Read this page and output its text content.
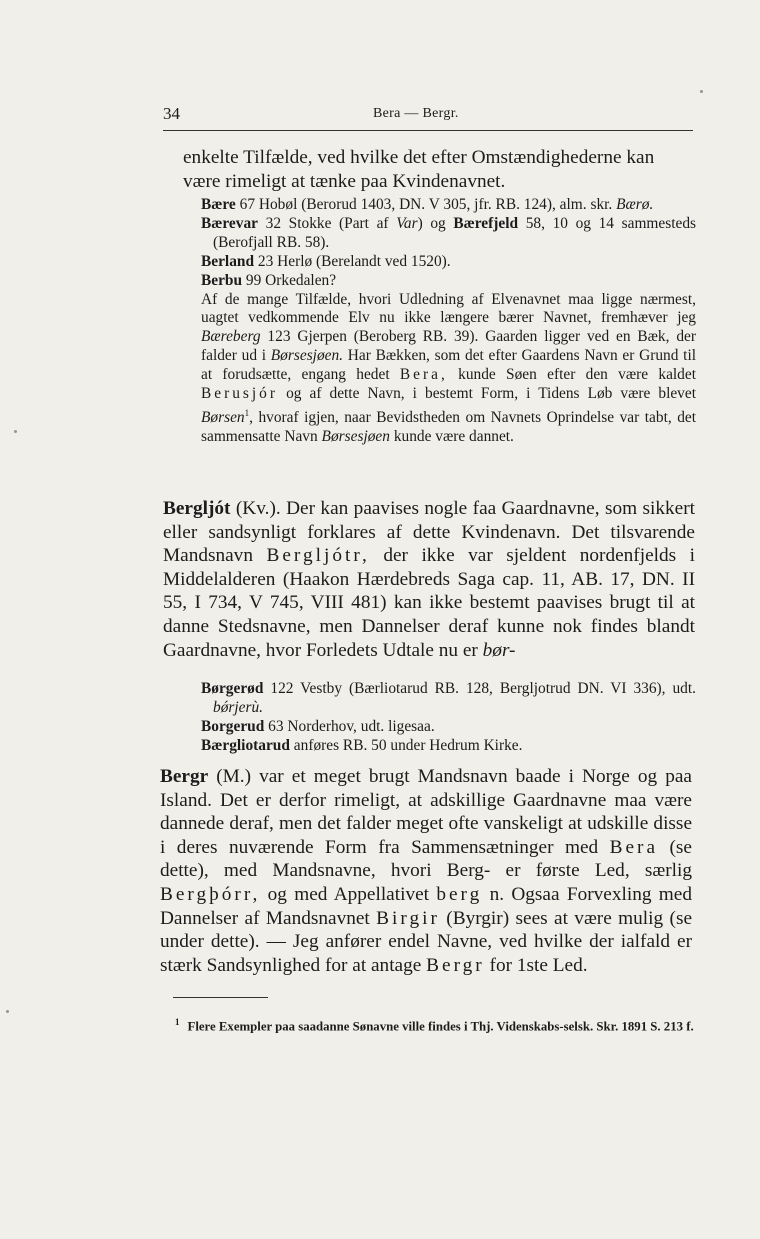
34	Bera — Bergr.

enkelte Tilfælde, ved hvilke det efter Omstændighederne kan

være rimeligt at tænke paa Kvindenavnet.

Bære 67 Hobøl (Berorud 1403, DN. V 305, jfr. RB. 124), alm. skr. Bærø.

Bærevar 32 Stokke (Part af Var) og Bærefjeld 58, 10 og 14 sammesteds (Berofjall RB. 58).

Berland 23 Herlø (Berelandt ved 1520).

Berbu 99 Orkedalen?

Af de mange Tilfælde, hvori Udledning af Elvenavnet maa ligge nærmest, uagtet vedkommende Elv nu ikke længere bærer Navnet, fremhæver jeg Bæreberg 123 Gjerpen (Beroberg RB. 39). Gaarden ligger ved en Bæk, der falder ud i Børsesjøen. Har Bækken, som det efter Gaardens Navn er Grund til at forudsætte, engang hedet Bera, kunde Søen efter den være kaldet Berusjór og af dette Navn, i bestemt Form, i Tidens Løb være blevet Børsen$^1$, hvoraf igjen, naar Bevidstheden om Navnets Oprindelse var tabt, det sammensatte Navn Børsesjøen kunde være dannet.

Bergljót (Kv.). Der kan paavises nogle faa Gaardnavne, som sikkert eller sandsynligt forklares af dette Kvindenavn. Det tilsvarende Mandsnavn Bergljótr, der ikke var sjeldent nordenfjelds i Middelalderen (Haakon Hærdebreds Saga cap. 11, AB. 17, DN. II 55, I 734, V 745, VIII 481) kan ikke bestemt paavises brugt til at danne Stedsnavne, men Dannelser deraf kunne nok findes blandt Gaardnavne, hvor Forledets Udtale nu er bør-

Børgerød 122 Vestby (Bærliotarud RB. 128, Bergljotrud DN. VI 336), udt. bǿrjerù.

Borgerud 63 Norderhov, udt. ligesaa.

Bærgliotarud anføres RB. 50 under Hedrum Kirke.

Bergr (M.) var et meget brugt Mandsnavn baade i Norge og paa Island. Det er derfor rimeligt, at adskillige Gaardnavne maa være dannede deraf, men det falder meget ofte vanskeligt at udskille disse i deres nuværende Form fra Sammensætninger med Bera (se dette), med Mandsnavne, hvori Berg- er første Led, særlig Bergþórr, og med Appellativet berg n. Ogsaa Forvexling med Dannelser af Mandsnavnet Birgir (Byrgir) sees at være mulig (se under dette). — Jeg anfører endel Navne, ved hvilke der ialfald er stærk Sandsynlighed for at antage Bergr for 1ste Led.

$^1$ Flere Exempler paa saadanne Sønavne ville findes i Thj. Videnskabs-selsk. Skr. 1891 S. 213 f.
